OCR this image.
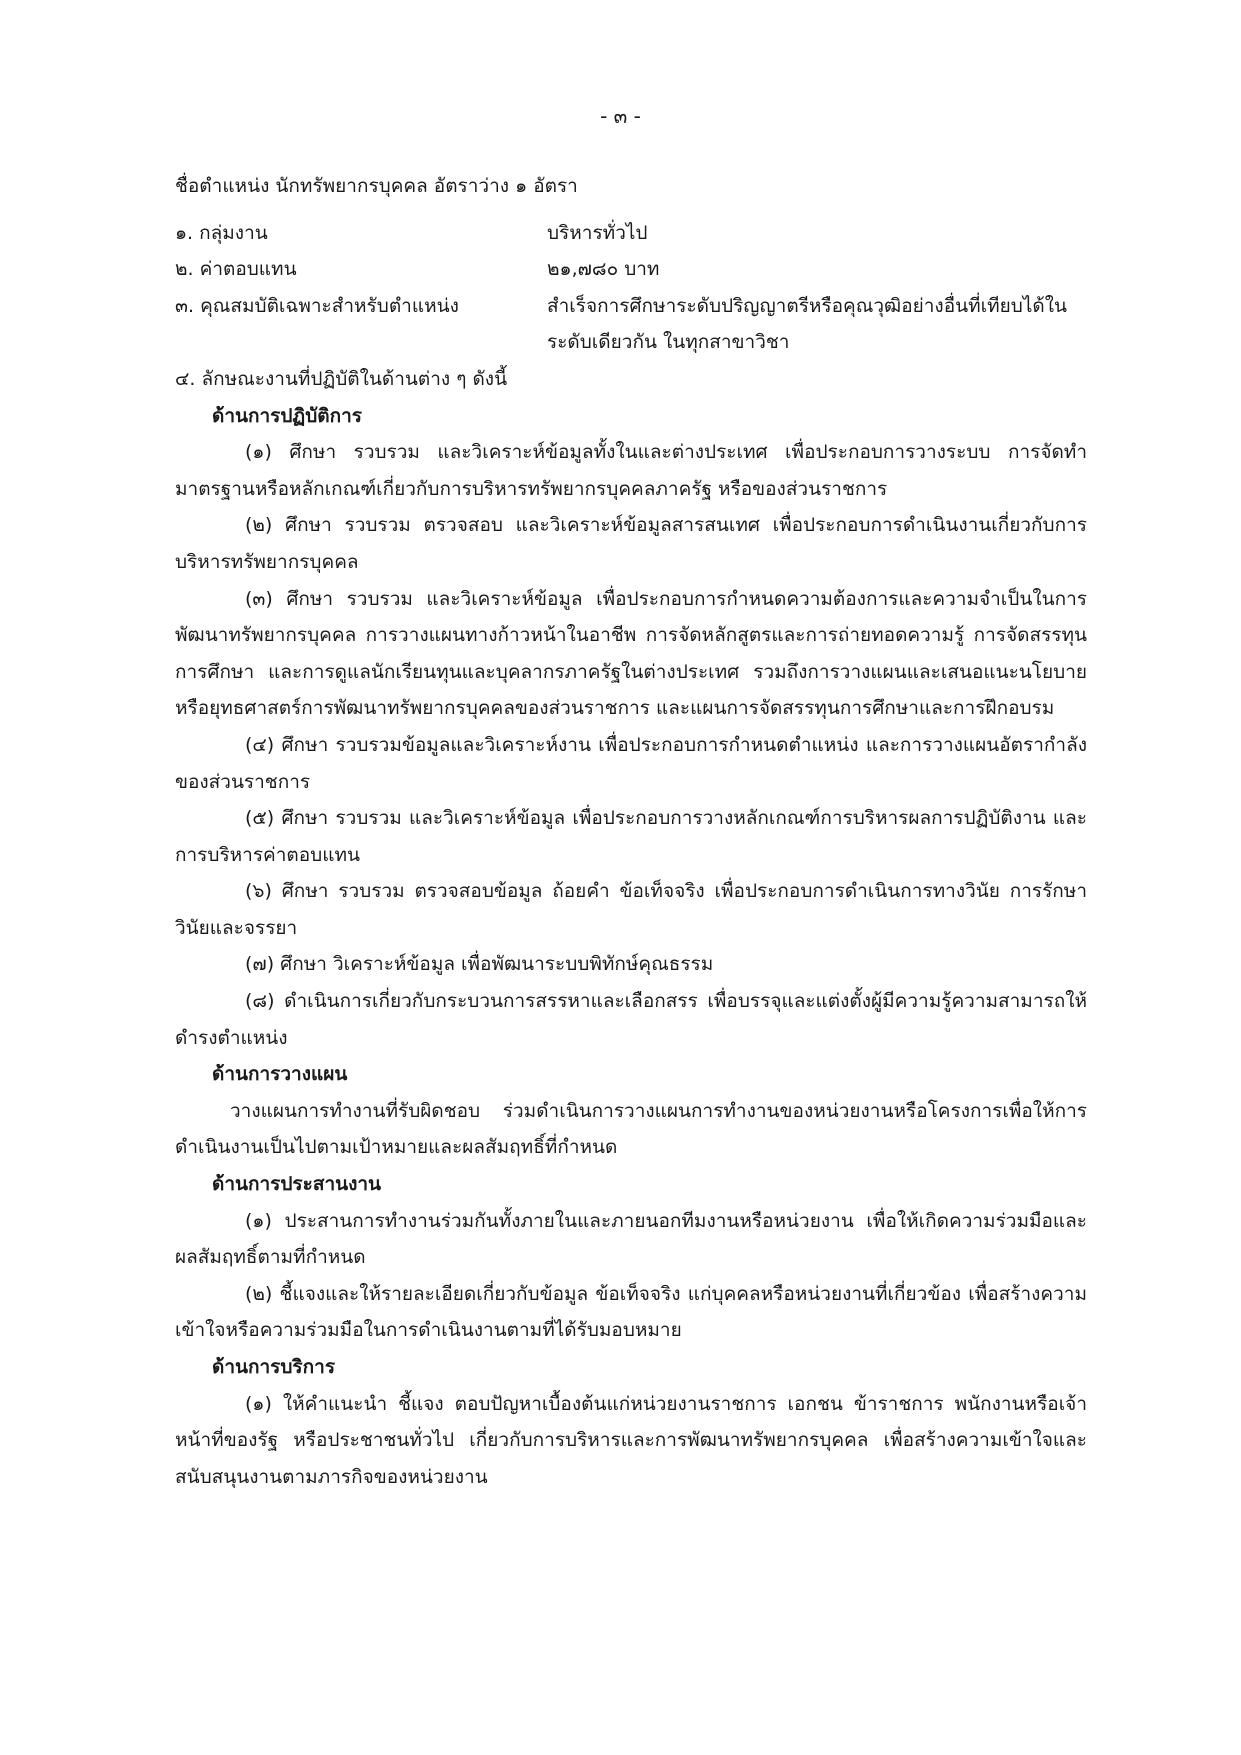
- ๓ -
ชื่อตำแหน่ง นักทรัพยากรบุคคล อัตราว่าง ๑ อัตรา
๑. กลุ่มงาน	บริหารทั่วไป
๒. ค่าตอบแทน	๒๑,๗๘๐ บาท
๓. คุณสมบัติเฉพาะสำหรับตำแหน่ง	สำเร็จการศึกษาระดับปริญญาตรีหรือคุณวุฒิอย่างอื่นที่เทียบได้ในระดับเดียวกัน ในทุกสาขาวิชา
๔. ลักษณะงานที่ปฏิบัติในด้านต่าง ๆ ดังนี้
ด้านการปฏิบัติการ
(๑) ศึกษา รวบรวม และวิเคราะห์ข้อมูลทั้งในและต่างประเทศ เพื่อประกอบการวางระบบ การจัดทำมาตรฐานหรือหลักเกณฑ์เกี่ยวกับการบริหารทรัพยากรบุคคลภาครัฐ หรือของส่วนราชการ
(๒) ศึกษา รวบรวม ตรวจสอบ และวิเคราะห์ข้อมูลสารสนเทศ เพื่อประกอบการดำเนินงานเกี่ยวกับการบริหารทรัพยากรบุคคล
(๓) ศึกษา รวบรวม และวิเคราะห์ข้อมูล เพื่อประกอบการกำหนดความต้องการและความจำเป็นในการพัฒนาทรัพยากรบุคคล การวางแผนทางก้าวหน้าในอาชีพ การจัดหลักสูตรและการถ่ายทอดความรู้ การจัดสรรทุนการศึกษา และการดูแลนักเรียนทุนและบุคลากรภาครัฐในต่างประเทศ รวมถึงการวางแผนและเสนอแนะนโยบายหรือยุทธศาสตร์การพัฒนาทรัพยากรบุคคลของส่วนราชการ และแผนการจัดสรรทุนการศึกษาและการฝึกอบรม
(๔) ศึกษา รวบรวมข้อมูลและวิเคราะห์งาน เพื่อประกอบการกำหนดตำแหน่ง และการวางแผนอัตรากำลังของส่วนราชการ
(๕) ศึกษา รวบรวม และวิเคราะห์ข้อมูล เพื่อประกอบการวางหลักเกณฑ์การบริหารผลการปฏิบัติงาน และการบริหารค่าตอบแทน
(๖) ศึกษา รวบรวม ตรวจสอบข้อมูล ถ้อยคำ ข้อเท็จจริง เพื่อประกอบการดำเนินการทางวินัย การรักษาวินัยและจรรยา
(๗) ศึกษา วิเคราะห์ข้อมูล เพื่อพัฒนาระบบพิทักษ์คุณธรรม
(๘) ดำเนินการเกี่ยวกับกระบวนการสรรหาและเลือกสรร เพื่อบรรจุและแต่งตั้งผู้มีความรู้ความสามารถให้ดำรงตำแหน่ง
ด้านการวางแผน
วางแผนการทำงานที่รับผิดชอบ ร่วมดำเนินการวางแผนการทำงานของหน่วยงานหรือโครงการเพื่อให้การดำเนินงานเป็นไปตามเป้าหมายและผลสัมฤทธิ์ที่กำหนด
ด้านการประสานงาน
(๑) ประสานการทำงานร่วมกันทั้งภายในและภายนอกทีมงานหรือหน่วยงาน เพื่อให้เกิดความร่วมมือและผลสัมฤทธิ์ตามที่กำหนด
(๒) ชี้แจงและให้รายละเอียดเกี่ยวกับข้อมูล ข้อเท็จจริง แก่บุคคลหรือหน่วยงานที่เกี่ยวข้อง เพื่อสร้างความเข้าใจหรือความร่วมมือในการดำเนินงานตามที่ได้รับมอบหมาย
ด้านการบริการ
(๑) ให้คำแนะนำ ชี้แจง ตอบปัญหาเบื้องต้นแก่หน่วยงานราชการ เอกชน ข้าราชการ พนักงานหรือเจ้าหน้าที่ของรัฐ หรือประชาชนทั่วไป เกี่ยวกับการบริหารและการพัฒนาทรัพยากรบุคคล เพื่อสร้างความเข้าใจและสนับสนุนงานตามภารกิจของหน่วยงาน
